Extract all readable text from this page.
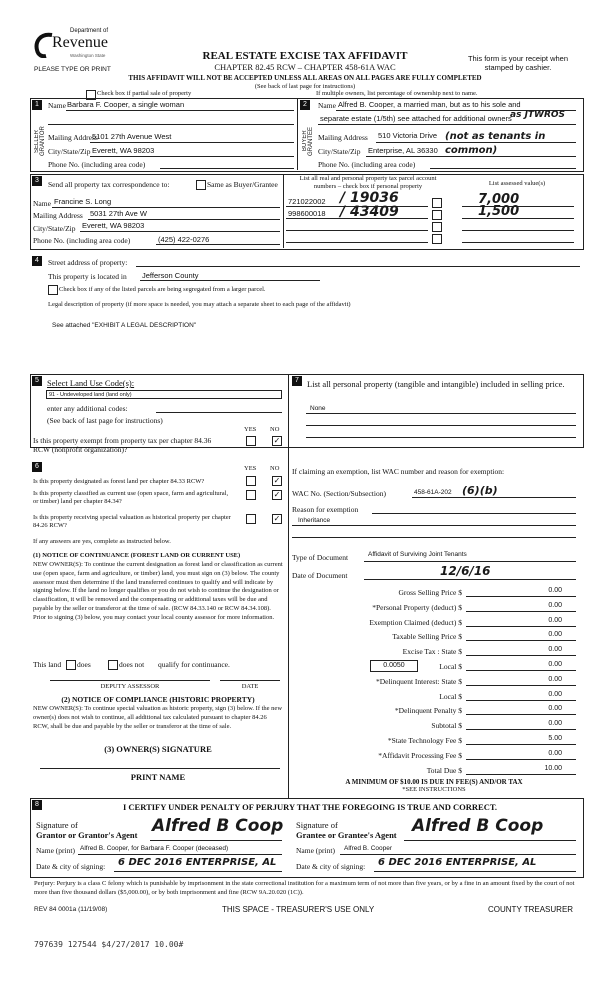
Department of
Revenue
Washington State
PLEASE TYPE OR PRINT
REAL ESTATE EXCISE TAX AFFIDAVIT
CHAPTER 82.45 RCW – CHAPTER 458-61A WAC
This form is your receipt when stamped by cashier.
THIS AFFIDAVIT WILL NOT BE ACCEPTED UNLESS ALL AREAS ON ALL PAGES ARE FULLY COMPLETED
(See back of last page for instructions)
Check box if partial sale of property	If multiple owners, list percentage of ownership next to name.
1
SELLER GRANTOR
Name Barbara F. Cooper, a single woman
Mailing Address
5101 27th Avenue West
City/State/Zip Everett, WA 98203
Phone No. (including area code)
2
BUYER GRANTEE
Name Alfred B. Cooper, a married man, but as to his sole and
separate estate (1/5th) see attached for additional owners
as JTWROS
Mailing Address 510 Victoria Drive
City/State/Zip Enterprise, AL 36330
(not as tenants in common)
Phone No. (including area code)
3	Send all property tax correspondence to:	Same as Buyer/Grantee
Name Francine S. Long
Mailing Address 5031 27th Ave W
City/State/Zip Everett, WA 98203
Phone No. (including area code)	(425) 422-0276
List all real and personal property tax parcel account numbers – check box if personal property	List assessed value(s)
721022002 / 19036	7,000
998600018 / 43409	1,500
4	Street address of property:
This property is located in Jefferson County
Check box if any of the listed parcels are being segregated from a larger parcel.
Legal description of property (if more space is needed, you may attach a separate sheet to each page of the affidavit)
See attached "EXHIBIT A LEGAL DESCRIPTION"
5 Select Land Use Code(s):
91 - Undeveloped land (land only)
enter any additional codes:
(See back of last page for instructions)
YES NO
Is this property exempt from property tax per chapter 84.36 RCW (nonprofit organization)?
✓
7 List all personal property (tangible and intangible) included in selling price.
None
6	YES NO
Is this property designated as forest land per chapter 84.33 RCW?	✓
Is this property classified as current use (open space, farm and agricultural, or timber) land per chapter 84.34?
✓
Is this property receiving special valuation as historical property per chapter 84.26 RCW?
✓
If any answers are yes, complete as instructed below.
(1) NOTICE OF CONTINUANCE (FOREST LAND OR CURRENT USE)
NEW OWNER(S): To continue the current designation as forest land or classification as current use (open space, farm and agriculture, or timber) land, you must sign on (3) below. The county assessor must then determine if the land transferred continues to qualify and will indicate by signing below. If the land no longer qualifies or you do not wish to continue the designation or classification, it will be removed and the compensating or additional taxes will be due and payable by the seller or transferor at the time of sale. (RCW 84.33.140 or RCW 84.34.108). Prior to signing (3) below, you may contact your local county assessor for more information.
This land does	does not qualify for continuance.
DEPUTY ASSESSOR	DATE
(2) NOTICE OF COMPLIANCE (HISTORIC PROPERTY)
NEW OWNER(S): To continue special valuation as historic property, sign (3) below. If the new owner(s) does not wish to continue, all additional tax calculated pursuant to chapter 84.26 RCW, shall be due and payable by the seller or transferor at the time of sale.
(3) OWNER(S) SIGNATURE
PRINT NAME
If claiming an exemption, list WAC number and reason for exemption:
WAC No. (Section/Subsection)	458-61A-202 (6)(b)
Reason for exemption
Inheritance
Type of Document	Affidavit of Surviving Joint Tenants
Date of Document	12/6/16
Gross Selling Price $	0.00
*Personal Property (deduct) $	0.00
Exemption Claimed (deduct) $	0.00
Taxable Selling Price $	0.00
Excise Tax : State $	0.00
Local $	0.00
0.0050
*Delinquent Interest: State $	0.00
Local $	0.00
*Delinquent Penalty $	0.00
Subtotal $	0.00
*State Technology Fee $	5.00
*Affidavit Processing Fee $	0.00
Total Due $	10.00
A MINIMUM OF $10.00 IS DUE IN FEE(S) AND/OR TAX
*SEE INSTRUCTIONS
8	I CERTIFY UNDER PENALTY OF PERJURY THAT THE FOREGOING IS TRUE AND CORRECT.
Signature of
Grantor or Grantor's Agent Alfred B Coop
Name (print) Alfred B. Cooper, for Barbara F. Cooper (deceased)
Date & city of signing: 6 DEC 2016 ENTERPRISE, AL
Signature of
Grantee or Grantee's Agent Alfred B Coop
Name (print) Alfred B. Cooper
Date & city of signing: 6 DEC 2016 ENTERPRISE, AL
Perjury: Perjury is a class C felony which is punishable by imprisonment in the state correctional institution for a maximum term of not more than five years, or by a fine in an amount fixed by the court of not more than five thousand dollars ($5,000.00), or by both imprisonment and fine (RCW 9A.20.020 (1C)).
REV 84 0001a (11/19/08)	THIS SPACE - TREASURER'S USE ONLY	COUNTY TREASURER
797639 127544 $4/27/2017 10.00#
